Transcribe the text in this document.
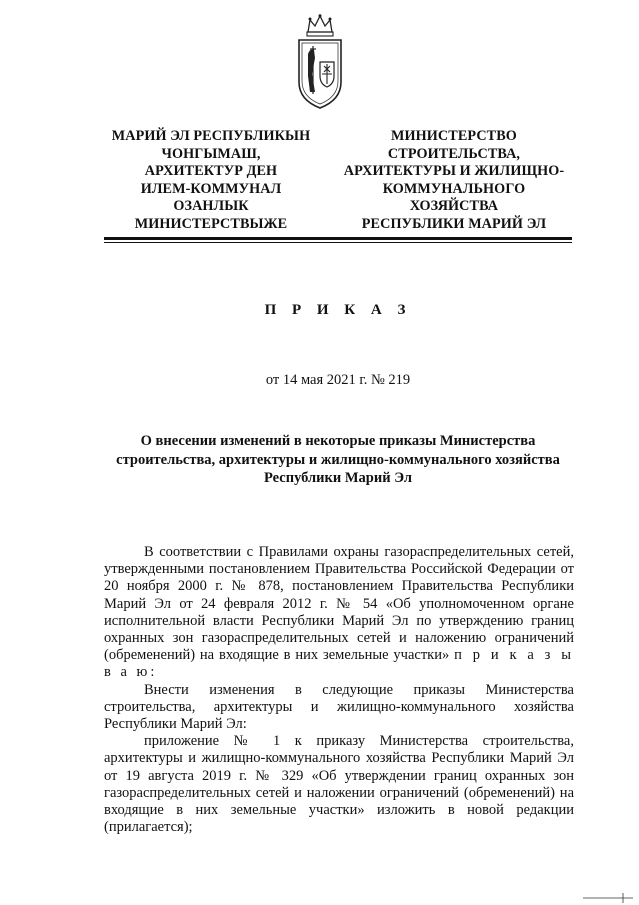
МАРИЙ ЭЛ РЕСПУБЛИКЫН
ЧОНГЫМАШ,
АРХИТЕКТУР ДЕН
ИЛЕМ-КОММУНАЛ
ОЗАНЛЫК
МИНИСТЕРСТВЫЖЕ
МИНИСТЕРСТВО
СТРОИТЕЛЬСТВА,
АРХИТЕКТУРЫ И ЖИЛИЩНО-
КОММУНАЛЬНОГО
ХОЗЯЙСТВА
РЕСПУБЛИКИ МАРИЙ ЭЛ
П Р И К А З
от 14 мая 2021 г. № 219
О внесении изменений в некоторые приказы Министерства
строительства, архитектуры и жилищно-коммунального хозяйства
Республики Марий Эл

В соответствии с Правилами охраны газораспределительных сетей, утвержденными постановлением Правительства Российской Федерации от 20 ноября 2000 г. № 878, постановлением Правительства Республики Марий Эл от 24 февраля 2012 г. № 54 «Об уполномоченном органе исполнительной власти Республики Марий Эл по утверждению границ охранных зон газораспределительных сетей и наложению ограничений (обременений) на входящие в них земельные участки» п р и к а з ы в а ю:

Внести изменения в следующие приказы Министерства строительства, архитектуры и жилищно-коммунального хозяйства Республики Марий Эл:

приложение № 1 к приказу Министерства строительства, архитектуры и жилищно-коммунального хозяйства Республики Марий Эл от 19 августа 2019 г. № 329 «Об утверждении границ охранных зон газораспределительных сетей и наложении ограничений (обременений) на входящие в них земельные участки» изложить в новой редакции (прилагается);
